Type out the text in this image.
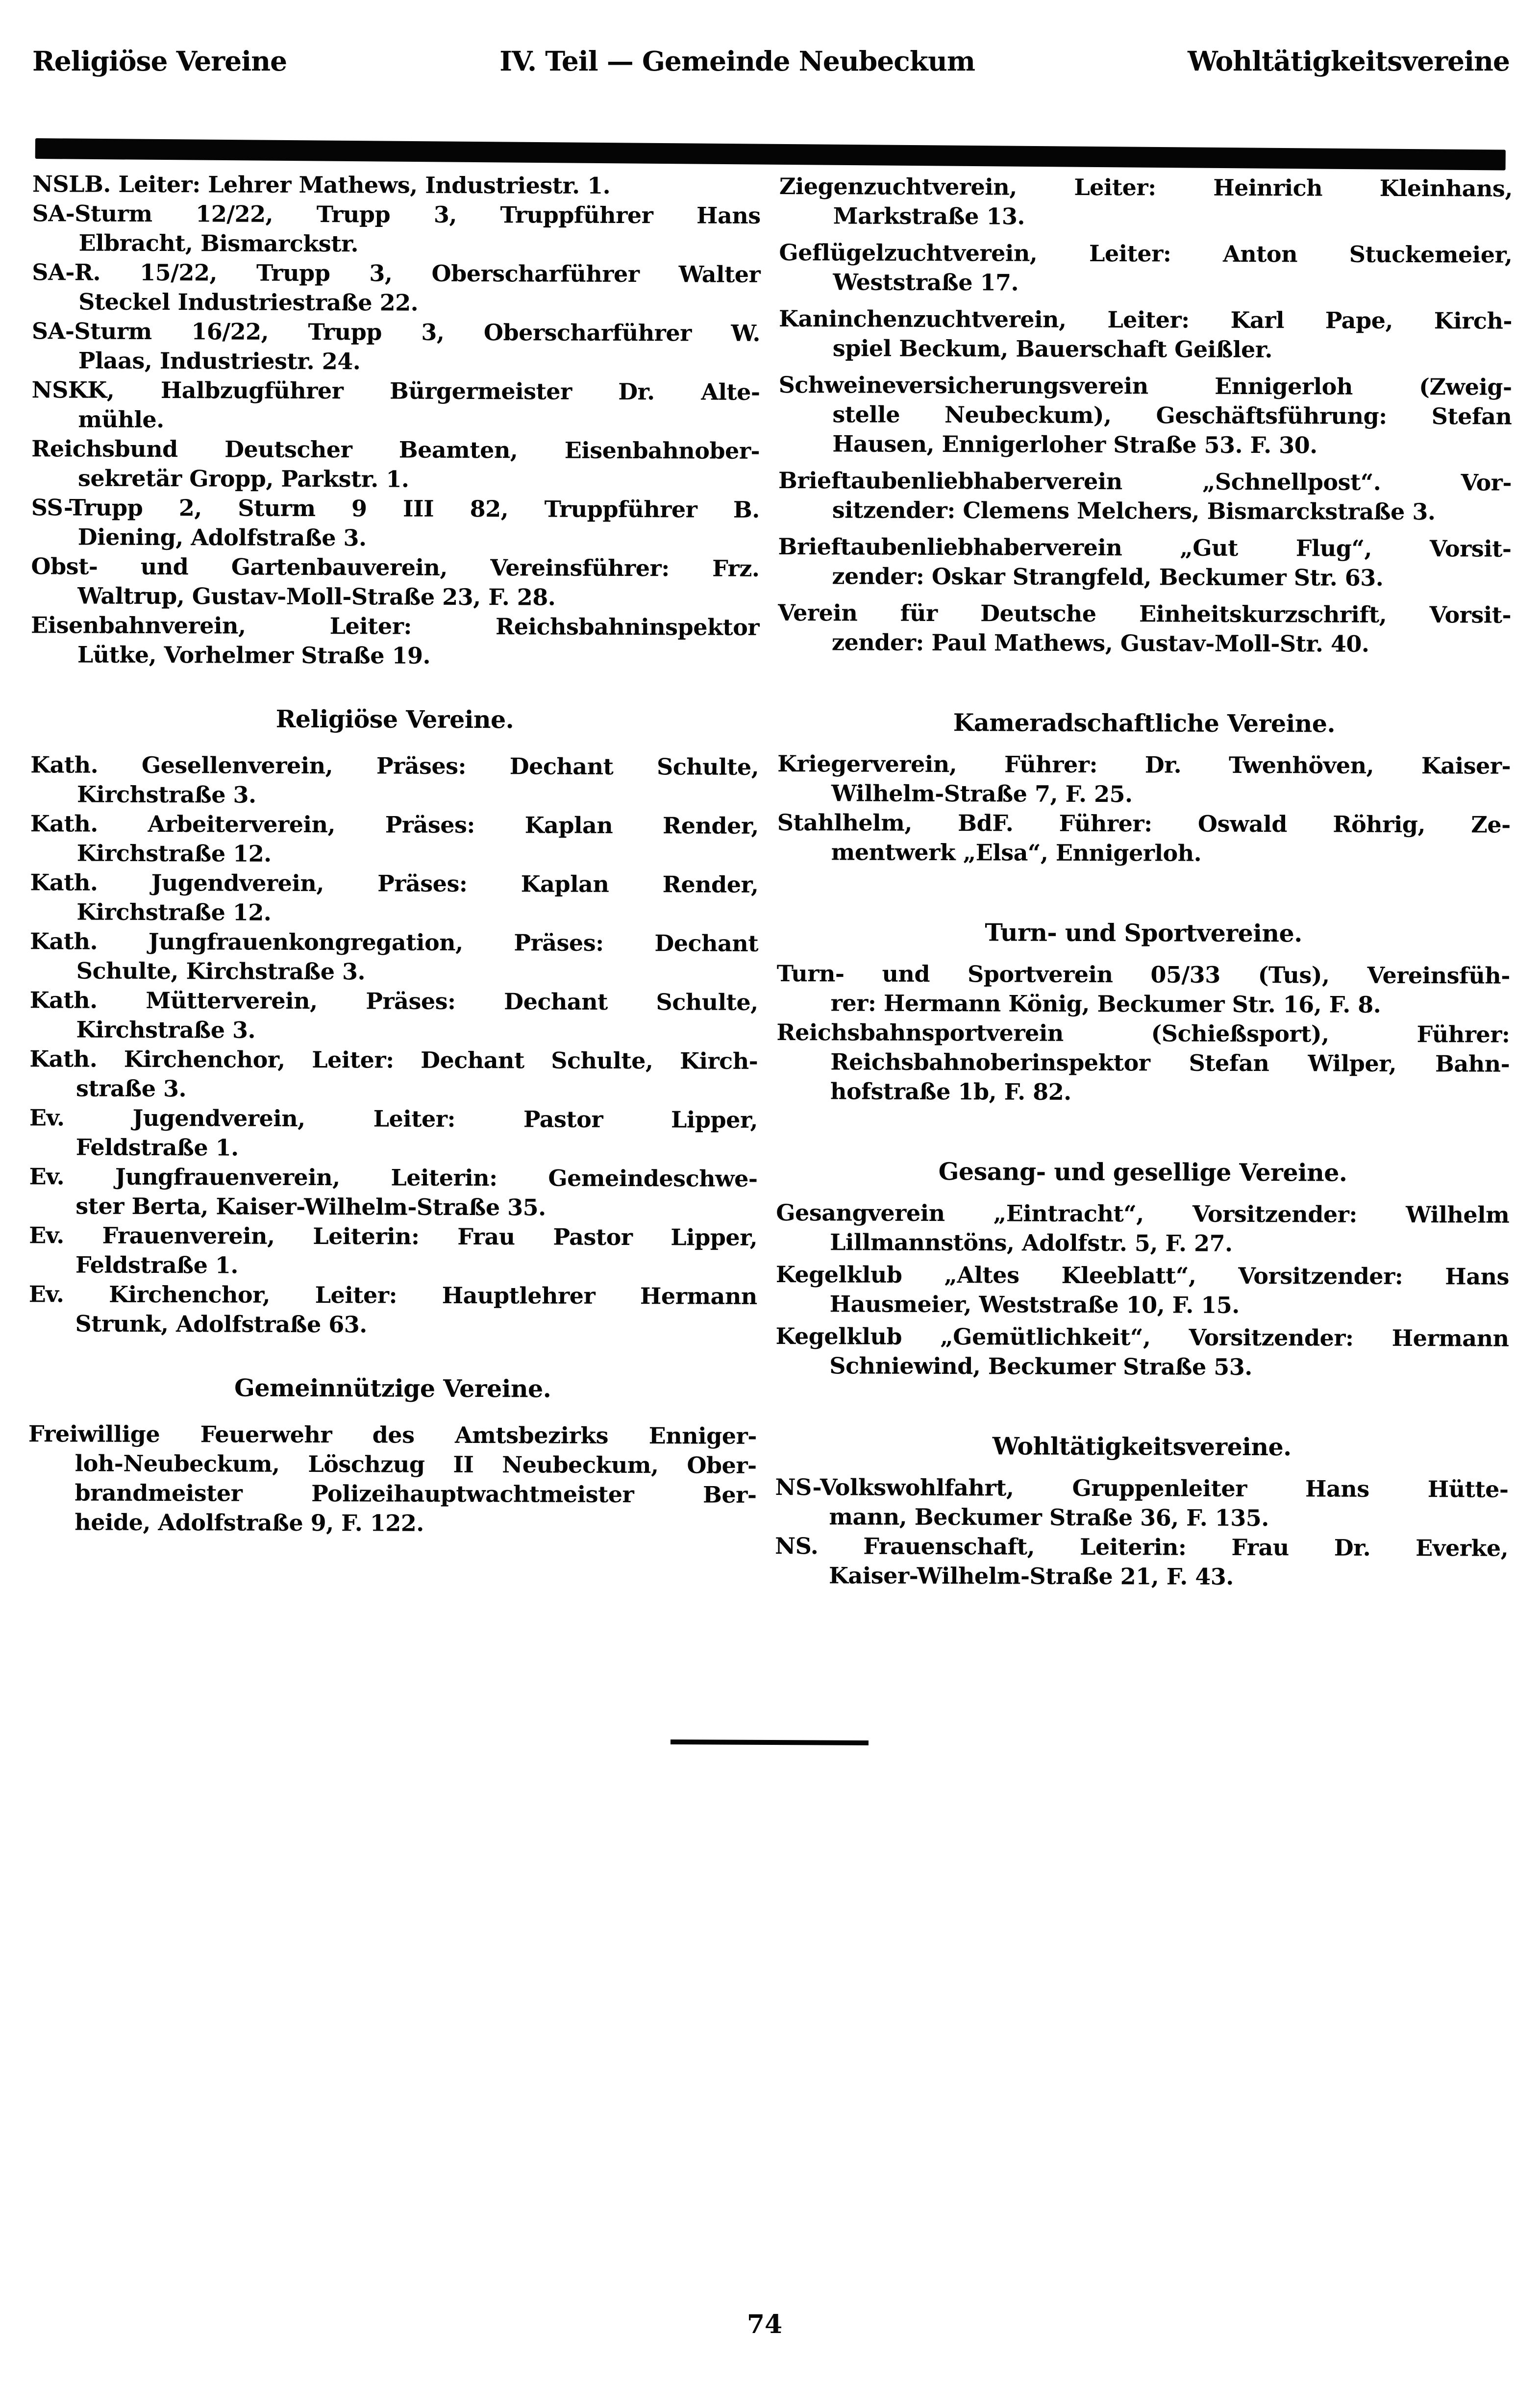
Religiöse Vereine	IV. Teil — Gemeinde Neubeckum	Wohltätigkeitsvereine
NSLB. Leiter: Lehrer Mathews, Industriestr. 1.
SA-Sturm 12/22, Trupp 3, Truppführer Hans
Elbracht, Bismarckstr.
SA-R. 15/22, Trupp 3, Oberscharführer Walter
Steckel Industriestraße 22.
SA-Sturm 16/22, Trupp 3, Oberscharführer W.
Plaas, Industriestr. 24.
NSKK, Halbzugführer Bürgermeister Dr. Alte-
mühle.
Reichsbund Deutscher Beamten, Eisenbahnober-
sekretär Gropp, Parkstr. 1.
SS-Trupp 2, Sturm 9 III 82, Truppführer B.
Diening, Adolfstraße 3.
Obst- und Gartenbauverein, Vereinsführer: Frz.
Waltrup, Gustav-Moll-Straße 23, F. 28.
Eisenbahnverein, Leiter: Reichsbahninspektor
Lütke, Vorhelmer Straße 19.
Religiöse Vereine.
Kath. Gesellenverein, Präses: Dechant Schulte,
Kirchstraße 3.
Kath. Arbeiterverein, Präses: Kaplan Render,
Kirchstraße 12.
Kath. Jugendverein, Präses: Kaplan Render,
Kirchstraße 12.
Kath. Jungfrauenkongregation, Präses: Dechant
Schulte, Kirchstraße 3.
Kath. Mütterverein, Präses: Dechant Schulte,
Kirchstraße 3.
Kath. Kirchenchor, Leiter: Dechant Schulte, Kirch-
straße 3.
Ev. Jugendverein, Leiter: Pastor Lipper,
Feldstraße 1.
Ev. Jungfrauenverein, Leiterin: Gemeindeschwe-
ster Berta, Kaiser-Wilhelm-Straße 35.
Ev. Frauenverein, Leiterin: Frau Pastor Lipper,
Feldstraße 1.
Ev. Kirchenchor, Leiter: Hauptlehrer Hermann
Strunk, Adolfstraße 63.
Gemeinnützige Vereine.
Freiwillige Feuerwehr des Amtsbezirks Enniger-
loh-Neubeckum, Löschzug II Neubeckum, Ober-
brandmeister Polizeihauptwachtmeister Ber-
heide, Adolfstraße 9, F. 122.
Ziegenzuchtverein, Leiter: Heinrich Kleinhans,
Markstraße 13.
Geflügelzuchtverein, Leiter: Anton Stuckemeier,
Weststraße 17.
Kaninchenzuchtverein, Leiter: Karl Pape, Kirch-
spiel Beckum, Bauerschaft Geißler.
Schweineversicherungsverein Ennigerloh (Zweig-
stelle Neubeckum), Geschäftsführung: Stefan
Hausen, Ennigerloher Straße 53. F. 30.
Brieftaubenliebhaberverein „Schnellpost“. Vor-
sitzender: Clemens Melchers, Bismarckstraße 3.
Brieftaubenliebhaberverein „Gut Flug“, Vorsit-
zender: Oskar Strangfeld, Beckumer Str. 63.
Verein für Deutsche Einheitskurzschrift, Vorsit-
zender: Paul Mathews, Gustav-Moll-Str. 40.
Kameradschaftliche Vereine.
Kriegerverein, Führer: Dr. Twenhöven, Kaiser-
Wilhelm-Straße 7, F. 25.
Stahlhelm, BdF. Führer: Oswald Röhrig, Ze-
mentwerk „Elsa“, Ennigerloh.
Turn- und Sportvereine.
Turn- und Sportverein 05/33 (Tus), Vereinsfüh-
rer: Hermann König, Beckumer Str. 16, F. 8.
Reichsbahnsportverein (Schießsport), Führer:
Reichsbahnoberinspektor Stefan Wilper, Bahn-
hofstraße 1b, F. 82.
Gesang- und gesellige Vereine.
Gesangverein „Eintracht“, Vorsitzender: Wilhelm
Lillmannstöns, Adolfstr. 5, F. 27.
Kegelklub „Altes Kleeblatt“, Vorsitzender: Hans
Hausmeier, Weststraße 10, F. 15.
Kegelklub „Gemütlichkeit“, Vorsitzender: Hermann
Schniewind, Beckumer Straße 53.
Wohltätigkeitsvereine.
NS-Volkswohlfahrt, Gruppenleiter Hans Hütte-
mann, Beckumer Straße 36, F. 135.
NS. Frauenschaft, Leiterin: Frau Dr. Everke,
Kaiser-Wilhelm-Straße 21, F. 43.
74
